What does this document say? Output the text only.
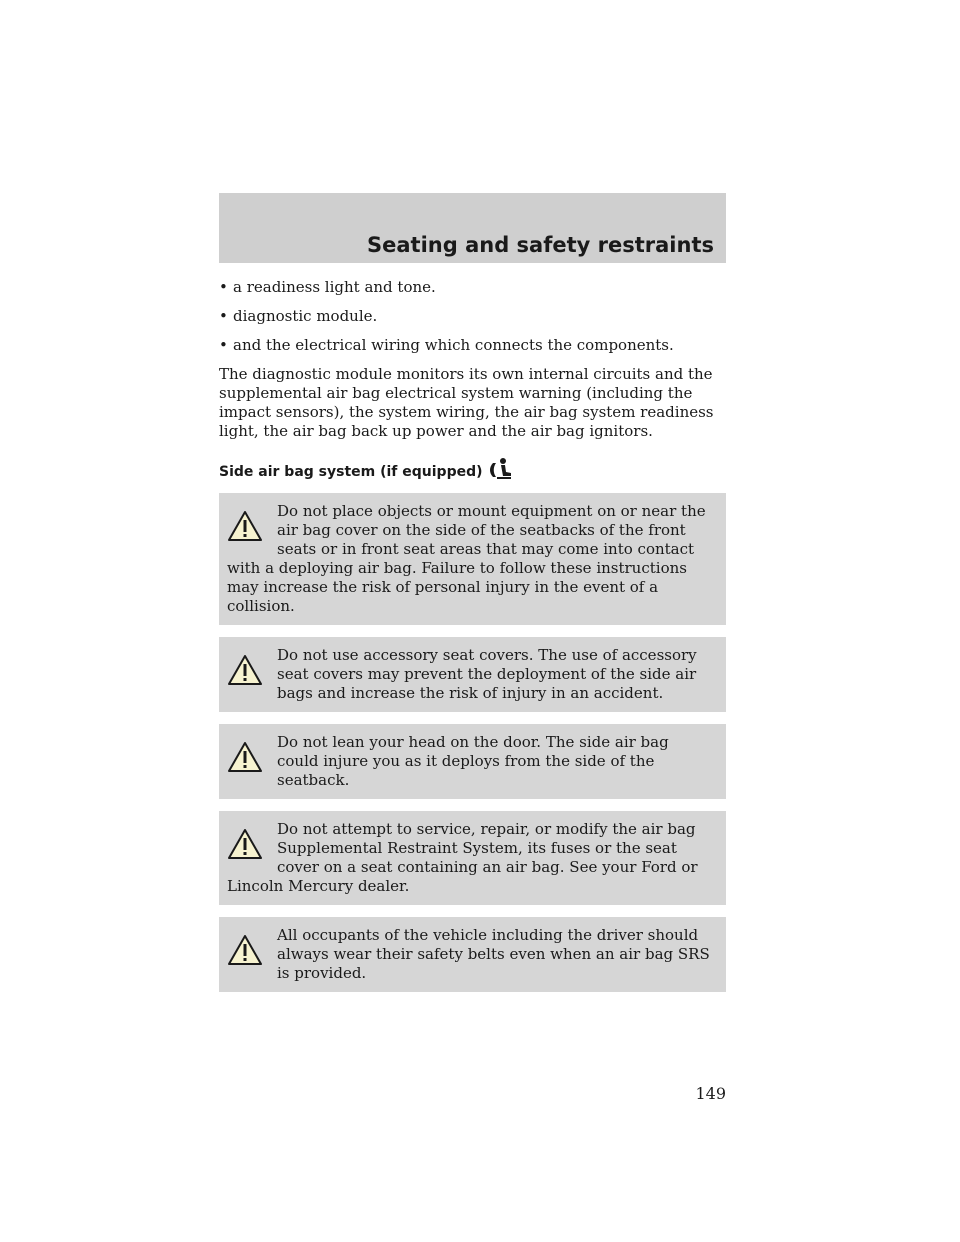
Seating and safety restraints
• a readiness light and tone.
• diagnostic module.
• and the electrical wiring which connects the components.

The diagnostic module monitors its own internal circuits and the supplemental air bag electrical system warning (including the impact sensors), the system wiring, the air bag system readiness light, the air bag back up power and the air bag ignitors.

Side air bag system (if equipped)
Do not place objects or mount equipment on or near the air bag cover on the side of the seatbacks of the front seats or in front seat areas that may come into contact with a deploying air bag. Failure to follow these instructions may increase the risk of personal injury in the event of a collision.
Do not use accessory seat covers. The use of accessory seat covers may prevent the deployment of the side air bags and increase the risk of injury in an accident.
Do not lean your head on the door. The side air bag could injure you as it deploys from the side of the seatback.
Do not attempt to service, repair, or modify the air bag Supplemental Restraint System, its fuses or the seat cover on a seat containing an air bag. See your Ford or Lincoln Mercury dealer.
All occupants of the vehicle including the driver should always wear their safety belts even when an air bag SRS is provided.
149
